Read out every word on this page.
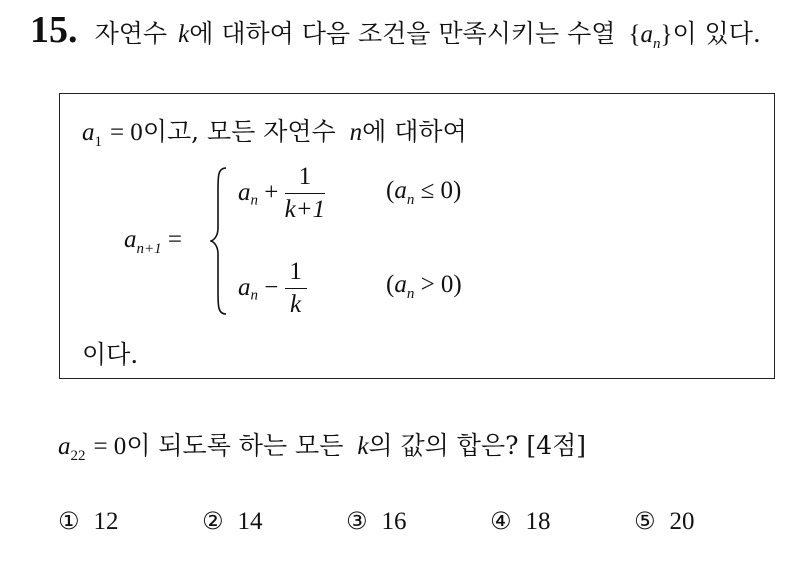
15. 자연수 k에 대하여 다음 조건을 만족시키는 수열 $\{a_n\}$이 있다.
$a_1 = 0$이고, 모든 자연수 n에 대하여
$a_{n+1}$ =
$a_n + \frac{1}{k+1} (a_n \le 0)$
$a_n - \frac{1}{k}$	$(a_n > 0)$
이다.
$a_{22} = 0$이 되도록 하는 모든 k의 값의 합은? [4점]
① 12	② 14	③ 16	④ 18	⑤ 20
